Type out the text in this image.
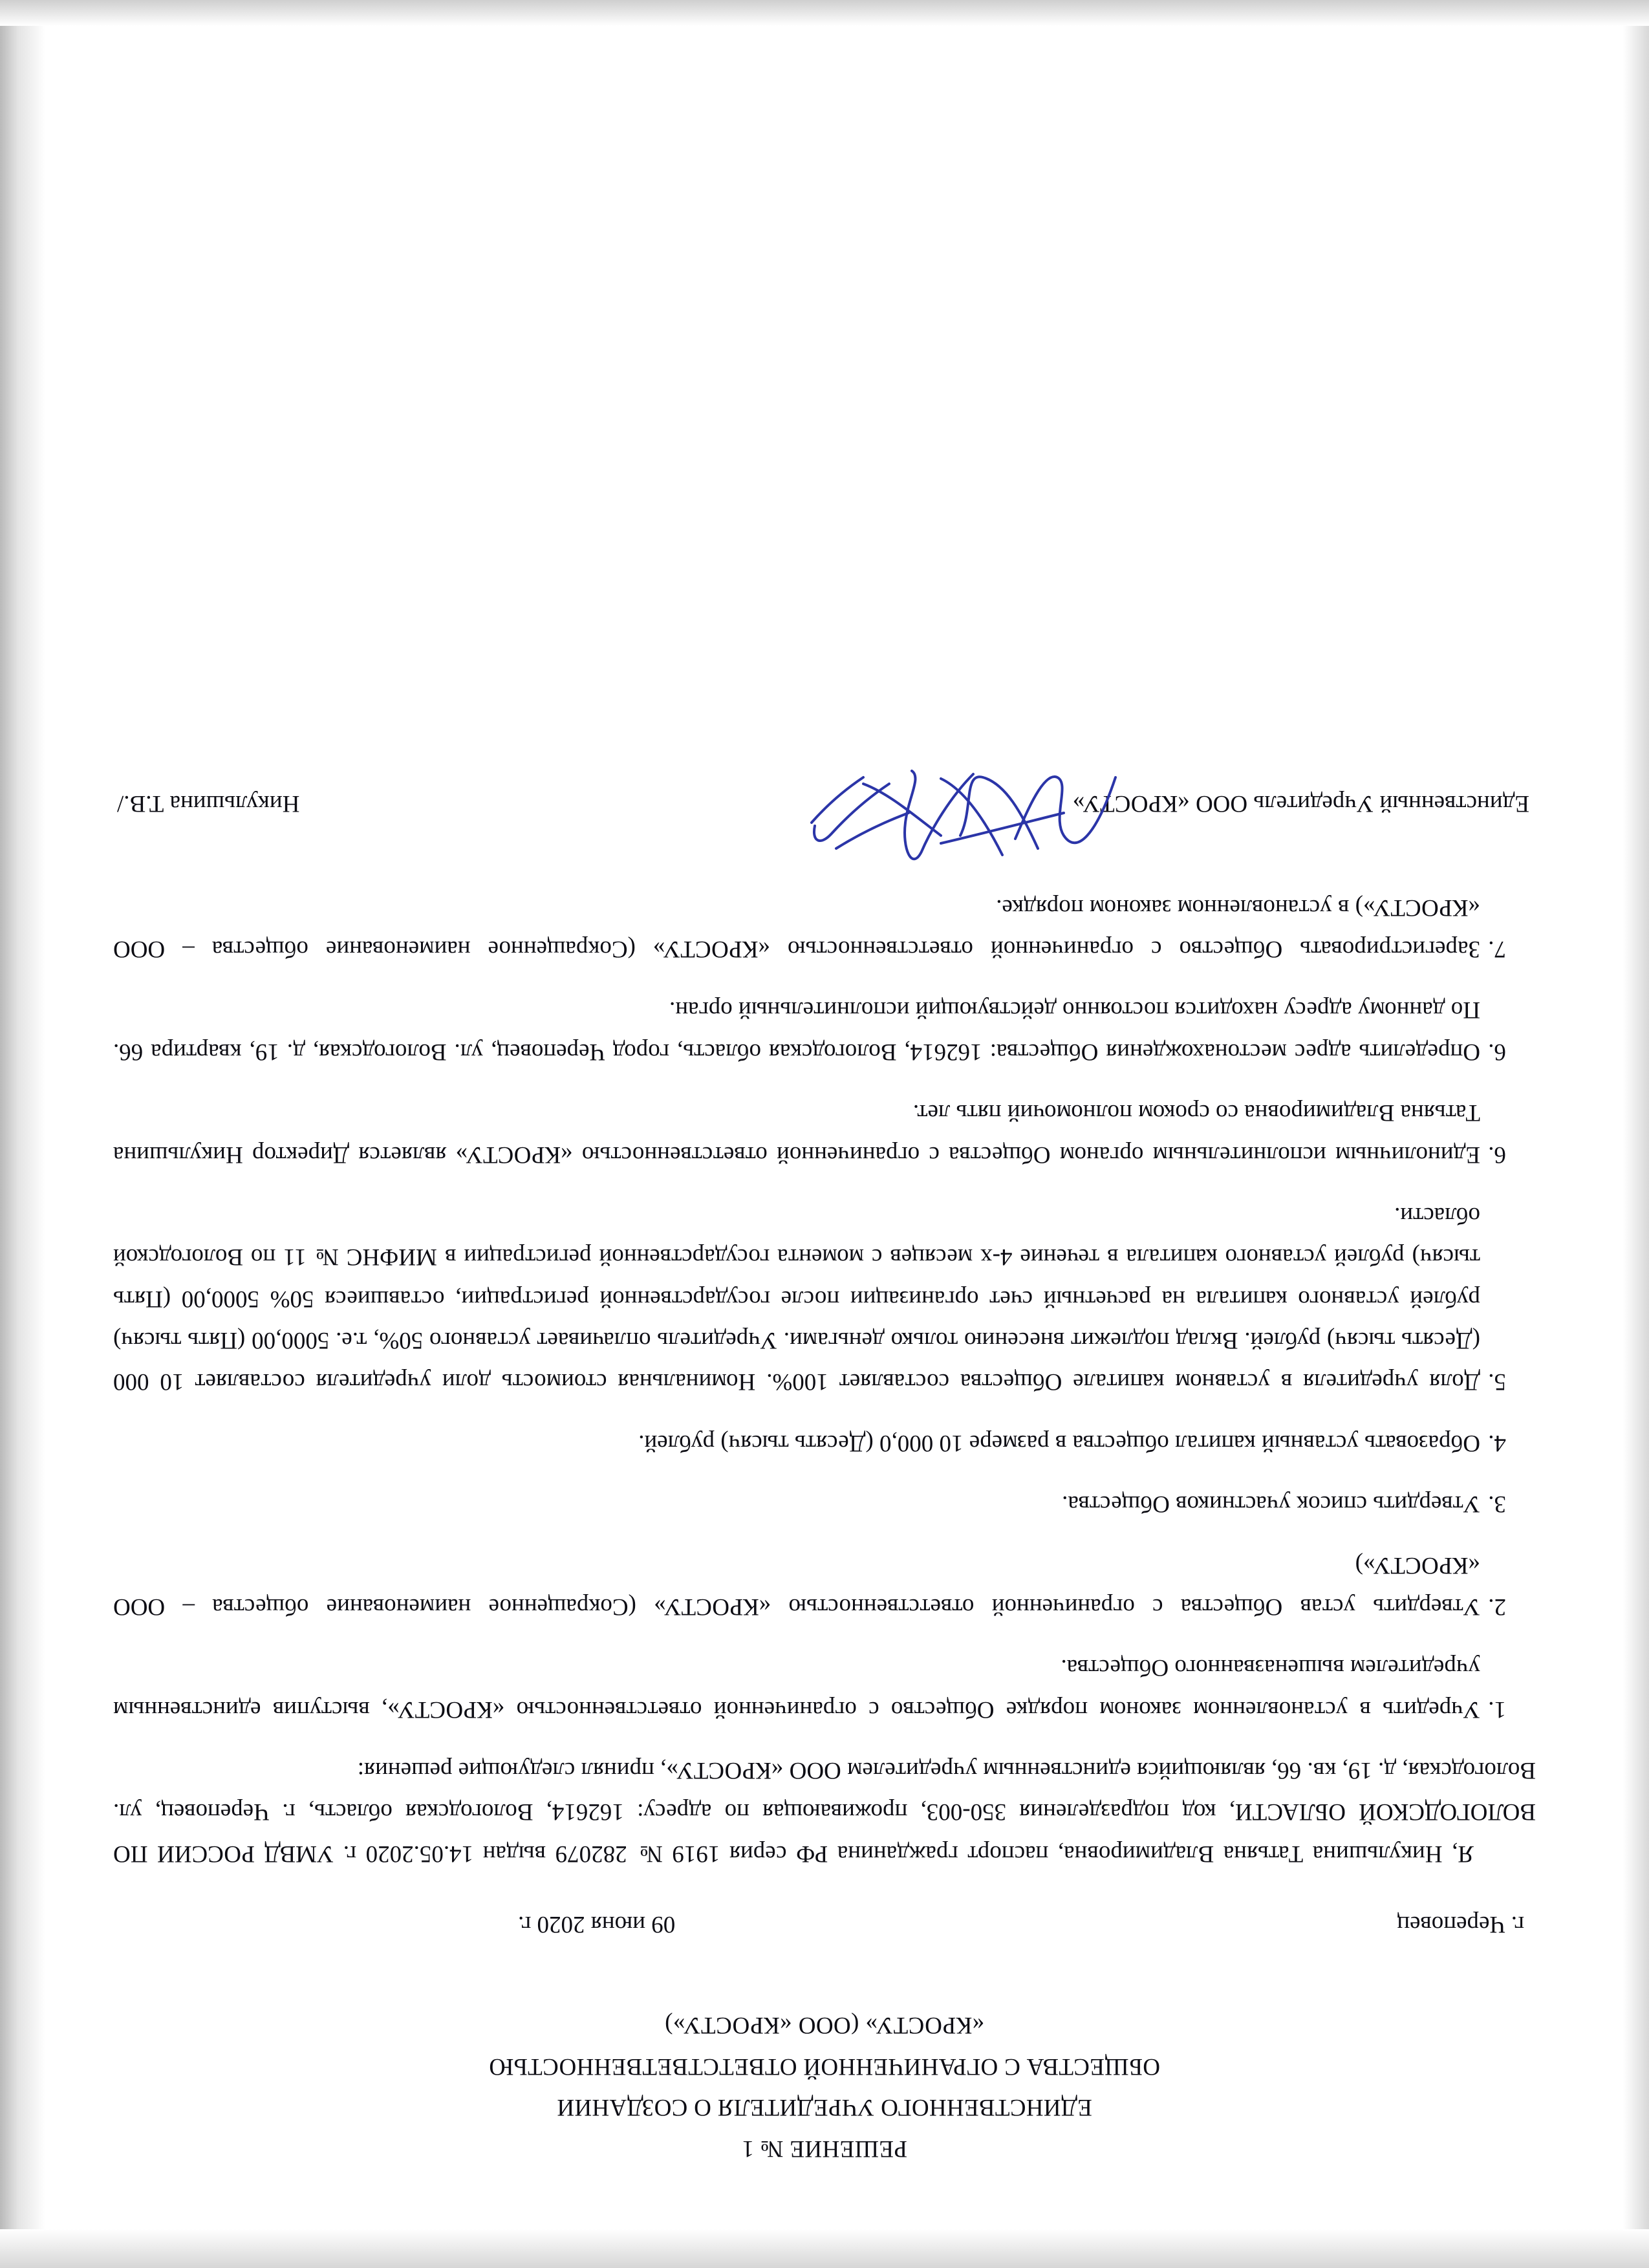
РЕШЕНИЕ № 1
ЕДИНСТВЕННОГО УЧРЕДИТЕЛЯ О СОЗДАНИИ
ОБЩЕСТВА С ОГРАНИЧЕННОЙ ОТВЕТСТВЕТВЕННОСТЬЮ
«КРОСТУ» (ООО «КРОСТУ»)
г. Череповец
09 июня 2020 г.
Я, Никульшина Татьяна Владимировна, паспорт гражданина РФ серия 1919 № 282079 выдан 14.05.2020 г. УМВД РОССИИ ПО ВОЛОГОДСКОЙ ОБЛАСТИ, код подразделения 350-003, проживающая по адресу: 162614, Вологодская область, г. Череповец, ул. Вологодская, д. 19, кв. 66, являющийся единственным учредителем ООО «КРОСТУ», принял следующие решения:
1.
Учредить в установленном законом порядке Общество с ограниченной ответственностью «КРОСТУ», выступив единственным учредителем вышеназванного Общества.
2.
Утвердить устав Общества с ограниченной ответственностью «КРОСТУ» (Сокращенное наименование общества – ООО «КРОСТУ»)
3.
Утвердить список участников Общества.
4.
Образовать уставный капитал общества в размере 10 000,0 (Десять тысяч) рублей.
5.
Доля учредителя в уставном капитале Общества составляет 100%. Номинальная стоимость доли учредителя составляет 10 000 (Десять тысяч) рублей. Вклад подлежит внесению только деньгами. Учредитель оплачивает уставного 50%, т.е. 5000,00 (Пять тысяч) рублей уставного капитала на расчетный счет организации после государственной регистрации, оставшиеся 50% 5000,00 (Пять тысяч) рублей уставного капитала в течение 4-х месяцев с момента государственной регистрации в МИФНС № 11 по Вологодской области.
6.
Единоличным исполнительным органом Общества с ограниченной ответственностью «КРОСТУ» является Директор Никульшина Татьяна Владимировна со сроком полномочий пять лет.
6.
Определить адрес местонахождения Общества: 162614, Вологодская область, город Череповец, ул. Вологодская, д. 19, квартира 66. По данному адресу находится постоянно действующий исполнительный орган.
7.
Зарегистрировать Общество с ограниченной ответственностью «КРОСТУ» (Сокращенное наименование общества – ООО «КРОСТУ») в установленном законом порядке.
Единственный Учредитель ООО «КРОСТУ»
Никульшина Т.В./
